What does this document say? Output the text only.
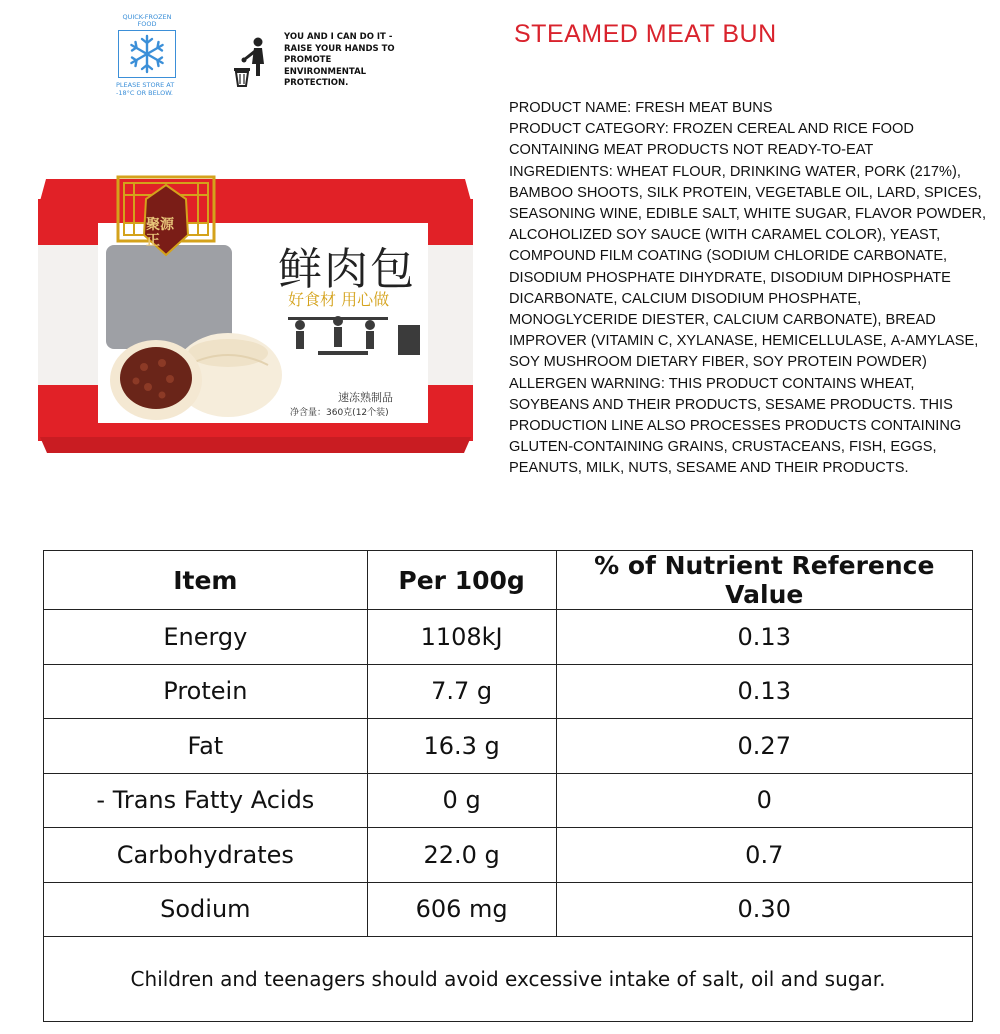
QUICK-FROZEN FOOD
PLEASE STORE AT -18°C OR BELOW.
YOU AND I CAN DO IT - RAISE YOUR HANDS TO PROMOTE ENVIRONMENTAL PROTECTION.
聚源正
鲜肉包
好食材 用心做
速冻熟制品
净含量：360克(12个装)
STEAMED MEAT BUN

PRODUCT NAME: FRESH MEAT BUNS

PRODUCT CATEGORY: FROZEN CEREAL AND RICE FOOD CONTAINING MEAT PRODUCTS NOT READY-TO-EAT

INGREDIENTS: WHEAT FLOUR, DRINKING WATER, PORK (217%), BAMBOO SHOOTS, SILK PROTEIN, VEGETABLE OIL, LARD, SPICES, SEASONING WINE, EDIBLE SALT, WHITE SUGAR, FLAVOR POWDER, ALCOHOLIZED SOY SAUCE (WITH CARAMEL COLOR), YEAST, COMPOUND FILM COATING (SODIUM CHLORIDE CARBONATE, DISODIUM PHOSPHATE DIHYDRATE, DISODIUM DIPHOSPHATE DICARBONATE, CALCIUM DISODIUM PHOSPHATE, MONOGLYCERIDE DIESTER, CALCIUM CARBONATE), BREAD IMPROVER (VITAMIN C, XYLANASE, HEMICELLULASE, Α-AMYLASE, SOY MUSHROOM DIETARY FIBER, SOY PROTEIN POWDER)

ALLERGEN WARNING: THIS PRODUCT CONTAINS WHEAT, SOYBEANS AND THEIR PRODUCTS, SESAME PRODUCTS. THIS PRODUCTION LINE ALSO PROCESSES PRODUCTS CONTAINING GLUTEN-CONTAINING GRAINS, CRUSTACEANS, FISH, EGGS, PEANUTS, MILK, NUTS, SESAME AND THEIR PRODUCTS.

Item	Per 100g	% of Nutrient Reference Value
Energy	1108kJ	0.13
Protein	7.7 g	0.13
Fat	16.3 g	0.27
- Trans Fatty Acids	0 g	0
Carbohydrates	22.0 g	0.7
Sodium	606 mg	0.30
Children and teenagers should avoid excessive intake of salt, oil and sugar.		
